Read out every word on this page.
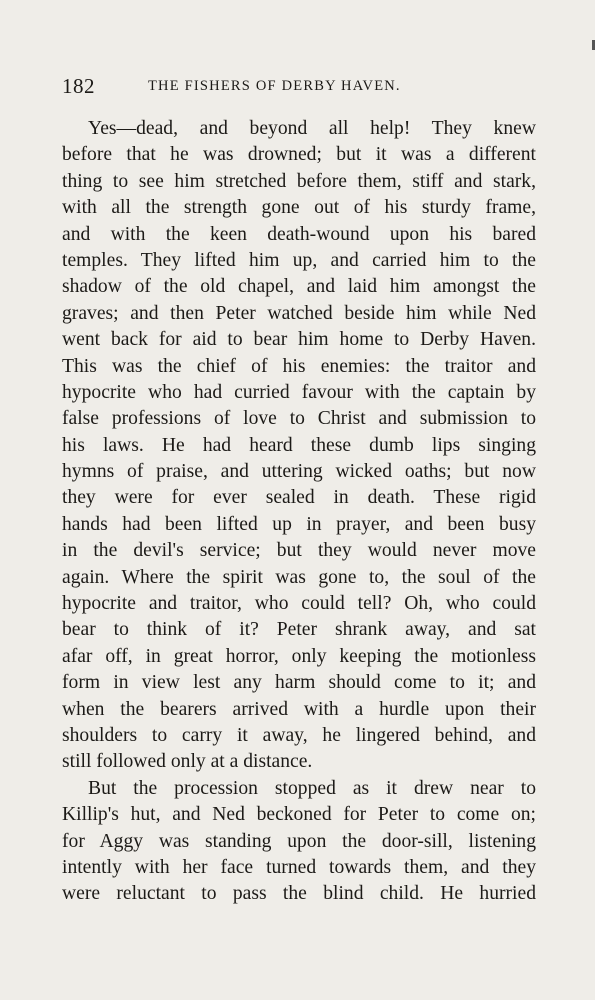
182	THE FISHERS OF DERBY HAVEN.
Yes—dead, and beyond all help! They knew
before that he was drowned; but it was a different
thing to see him stretched before them, stiff and stark,
with all the strength gone out of his sturdy frame,
and with the keen death-wound upon his bared
temples. They lifted him up, and carried him to the
shadow of the old chapel, and laid him amongst the
graves; and then Peter watched beside him while Ned
went back for aid to bear him home to Derby Haven.
This was the chief of his enemies: the traitor and
hypocrite who had curried favour with the captain by
false professions of love to Christ and submission to
his laws. He had heard these dumb lips singing
hymns of praise, and uttering wicked oaths; but now
they were for ever sealed in death. These rigid
hands had been lifted up in prayer, and been busy
in the devil's service; but they would never move
again. Where the spirit was gone to, the soul of the
hypocrite and traitor, who could tell? Oh, who could
bear to think of it? Peter shrank away, and sat
afar off, in great horror, only keeping the motionless
form in view lest any harm should come to it; and
when the bearers arrived with a hurdle upon their
shoulders to carry it away, he lingered behind, and
still followed only at a distance.
But the procession stopped as it drew near to
Killip's hut, and Ned beckoned for Peter to come on;
for Aggy was standing upon the door-sill, listening
intently with her face turned towards them, and they
were reluctant to pass the blind child. He hurried
